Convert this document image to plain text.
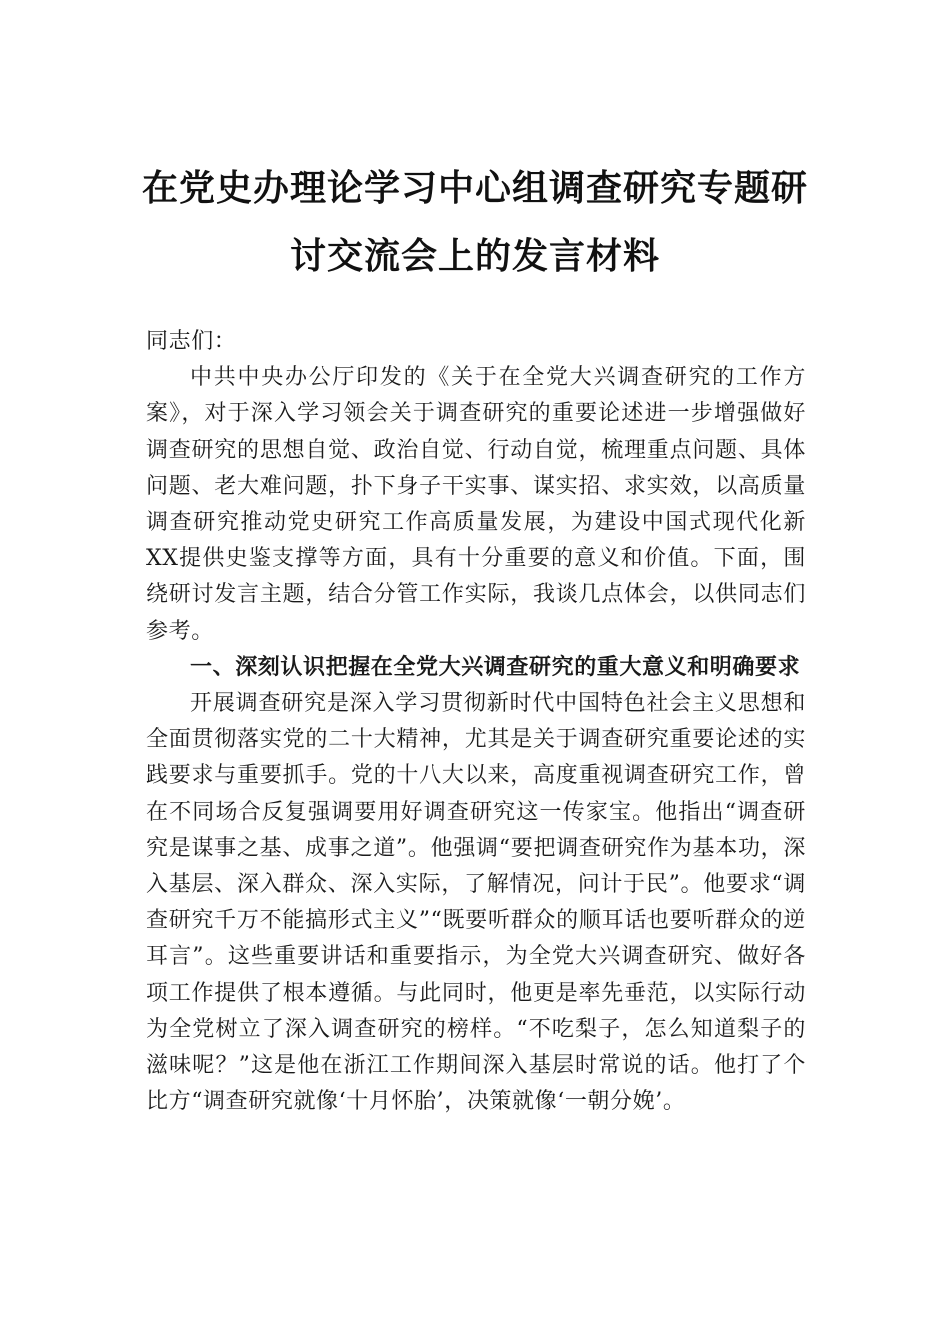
在党史办理论学习中心组调查研究专题研
讨交流会上的发言材料

同志们：

中共中央办公厅印发的《关于在全党大兴调查研究的工作方案》，对于深入学习领会关于调查研究的重要论述进一步增强做好调查研究的思想自觉、政治自觉、行动自觉，梳理重点问题、具体问题、老大难问题，扑下身子干实事、谋实招、求实效，以高质量调查研究推动党史研究工作高质量发展，为建设中国式现代化新XX提供史鉴支撑等方面，具有十分重要的意义和价值。下面，围绕研讨发言主题，结合分管工作实际，我谈几点体会，以供同志们参考。

一、深刻认识把握在全党大兴调查研究的重大意义和明确要求

开展调查研究是深入学习贯彻新时代中国特色社会主义思想和全面贯彻落实党的二十大精神，尤其是关于调查研究重要论述的实践要求与重要抓手。党的十八大以来，高度重视调查研究工作，曾在不同场合反复强调要用好调查研究这一传家宝。他指出“调查研究是谋事之基、成事之道”。他强调“要把调查研究作为基本功，深入基层、深入群众、深入实际，了解情况，问计于民”。他要求“调查研究千万不能搞形式主义”“既要听群众的顺耳话也要听群众的逆耳言”。这些重要讲话和重要指示，为全党大兴调查研究、做好各项工作提供了根本遵循。与此同时，他更是率先垂范，以实际行动为全党树立了深入调查研究的榜样。“不吃梨子，怎么知道梨子的滋味呢？”这是他在浙江工作期间深入基层时常说的话。他打了个比方“调查研究就像‘十月怀胎’，决策就像‘一朝分娩’。
